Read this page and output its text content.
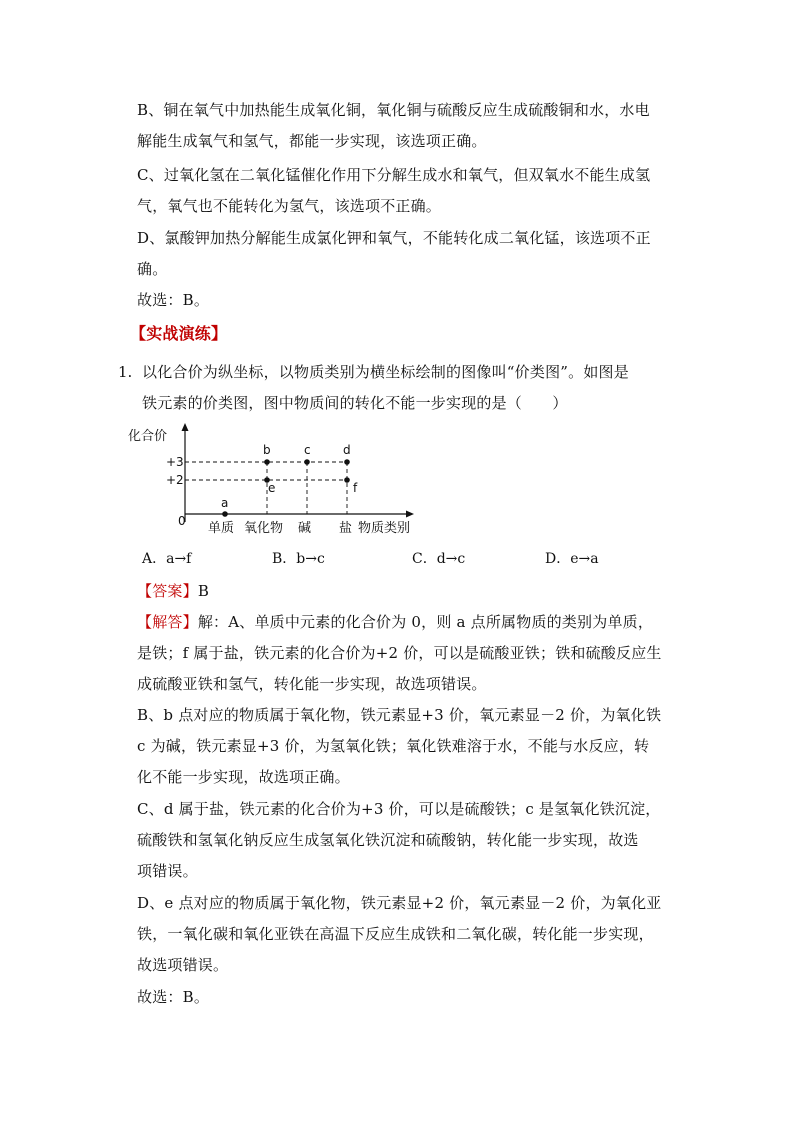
B、铜在氧气中加热能生成氧化铜，氧化铜与硫酸反应生成硫酸铜和水，水电
解能生成氧气和氢气，都能一步实现，该选项正确。
C、过氧化氢在二氧化锰催化作用下分解生成水和氧气，但双氧水不能生成氢
气，氧气也不能转化为氢气，该选项不正确。
D、氯酸钾加热分解能生成氯化钾和氧气，不能转化成二氧化锰，该选项不正
确。
故选：B。
【实战演练】
1. 以化合价为纵坐标，以物质类别为横坐标绘制的图像叫“价类图”。如图是
铁元素的价类图，图中物质间的转化不能一步实现的是（　　）
化合价
0
+3
+2
单质 氧化物 碱 盐 物质类别
a
b
e
c	d
f
A．a→f	B．b→c	C．d→c	D．e→a
【答案】B
【解答】解：A、单质中元素的化合价为 0，则 a 点所属物质的类别为单质，
是铁；f 属于盐，铁元素的化合价为+2 价，可以是硫酸亚铁；铁和硫酸反应生
成硫酸亚铁和氢气，转化能一步实现，故选项错误。
B、b 点对应的物质属于氧化物，铁元素显+3 价，氧元素显－2 价，为氧化铁
c 为碱，铁元素显+3 价，为氢氧化铁；氧化铁难溶于水，不能与水反应，转
化不能一步实现，故选项正确。
C、d 属于盐，铁元素的化合价为+3 价，可以是硫酸铁；c 是氢氧化铁沉淀，
硫酸铁和氢氧化钠反应生成氢氧化铁沉淀和硫酸钠，转化能一步实现，故选
项错误。
D、e 点对应的物质属于氧化物，铁元素显+2 价，氧元素显－2 价，为氧化亚
铁，一氧化碳和氧化亚铁在高温下反应生成铁和二氧化碳，转化能一步实现，
故选项错误。
故选：B。
